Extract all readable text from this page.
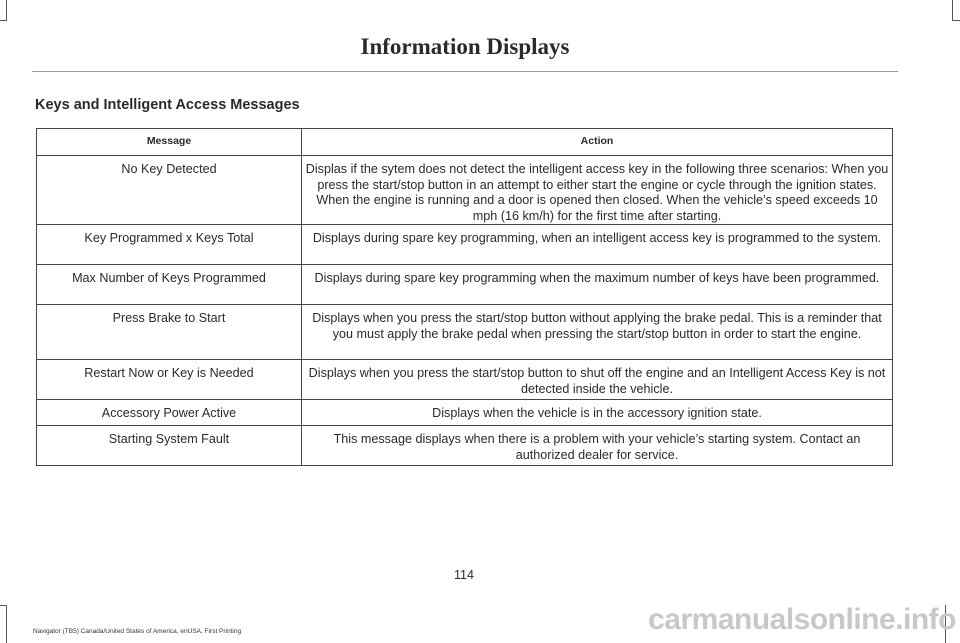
Information Displays
Keys and Intelligent Access Messages
Message	Action
No Key Detected	Displas if the sytem does not detect the intelligent access key in the following three scenarios: When you press the start/stop button in an attempt to either start the engine or cycle through the ignition states. When the engine is running and a door is opened then closed. When the vehicle’s speed exceeds 10 mph (16 km/h) for the first time after starting.
Key Programmed x Keys Total	Displays during spare key programming, when an intelligent access key is programmed to the system.
Max Number of Keys Programmed	Displays during spare key programming when the maximum number of keys have been programmed.
Press Brake to Start	Displays when you press the start/stop button without applying the brake pedal. This is a reminder that you must apply the brake pedal when pressing the start/stop button in order to start the engine.
Restart Now or Key is Needed	Displays when you press the start/stop button to shut off the engine and an Intelligent Access Key is not detected inside the vehicle.
Accessory Power Active	Displays when the vehicle is in the accessory ignition state.
Starting System Fault	This message displays when there is a problem with your vehicle’s starting system. Contact an authorized dealer for service.
114
Navigator (TB5) Canada/United States of America, enUSA, First Printing	carmanualsonline.info
